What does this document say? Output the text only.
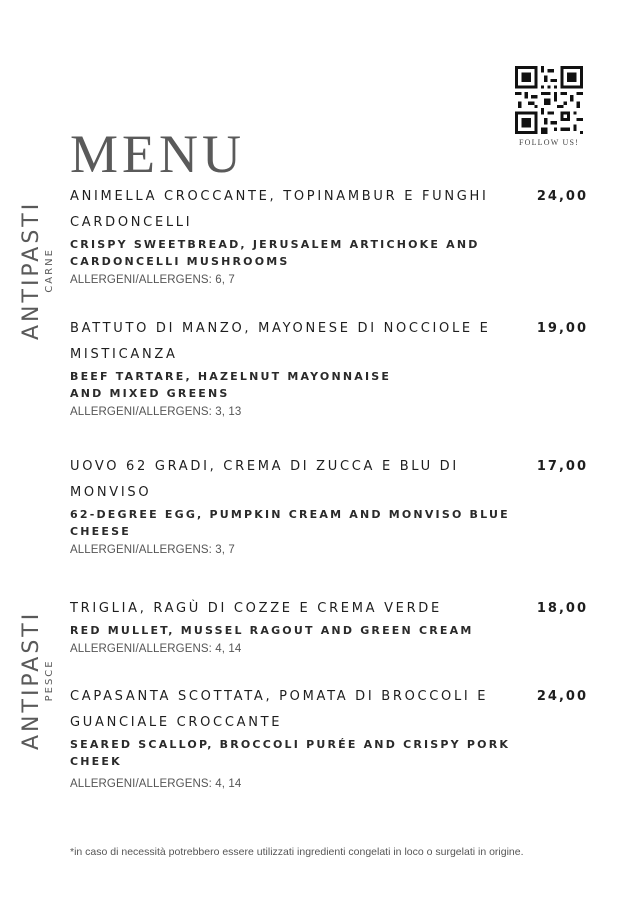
MENU	FOLLOW US!
ANTIPASTI CARNE
ANTIPASTI PESCE
ANIMELLA CROCCANTE, TOPINAMBUR E FUNGHI CARDONCELLI
24,00
CRISPY SWEETBREAD, JERUSALEM ARTICHOKE AND CARDONCELLI MUSHROOMS
ALLERGENI/ALLERGENS: 6, 7
BATTUTO DI MANZO, MAYONESE DI NOCCIOLE E MISTICANZA
19,00
BEEF TARTARE, HAZELNUT MAYONNAISE AND MIXED GREENS
ALLERGENI/ALLERGENS: 3, 13
UOVO 62 GRADI, CREMA DI ZUCCA E BLU DI MONVISO
17,00
62-DEGREE EGG, PUMPKIN CREAM AND MONVISO BLUE CHEESE
ALLERGENI/ALLERGENS: 3, 7
TRIGLIA, RAGÙ DI COZZE E CREMA VERDE	18,00
RED MULLET, MUSSEL RAGOUT AND GREEN CREAM
ALLERGENI/ALLERGENS: 4, 14
CAPASANTA SCOTTATA, POMATA DI BROCCOLI E GUANCIALE CROCCANTE
24,00
SEARED SCALLOP, BROCCOLI PURÉE AND CRISPY PORK CHEEK
ALLERGENI/ALLERGENS: 4, 14
*in caso di necessità potrebbero essere utilizzati ingredienti congelati in loco o surgelati in origine.
